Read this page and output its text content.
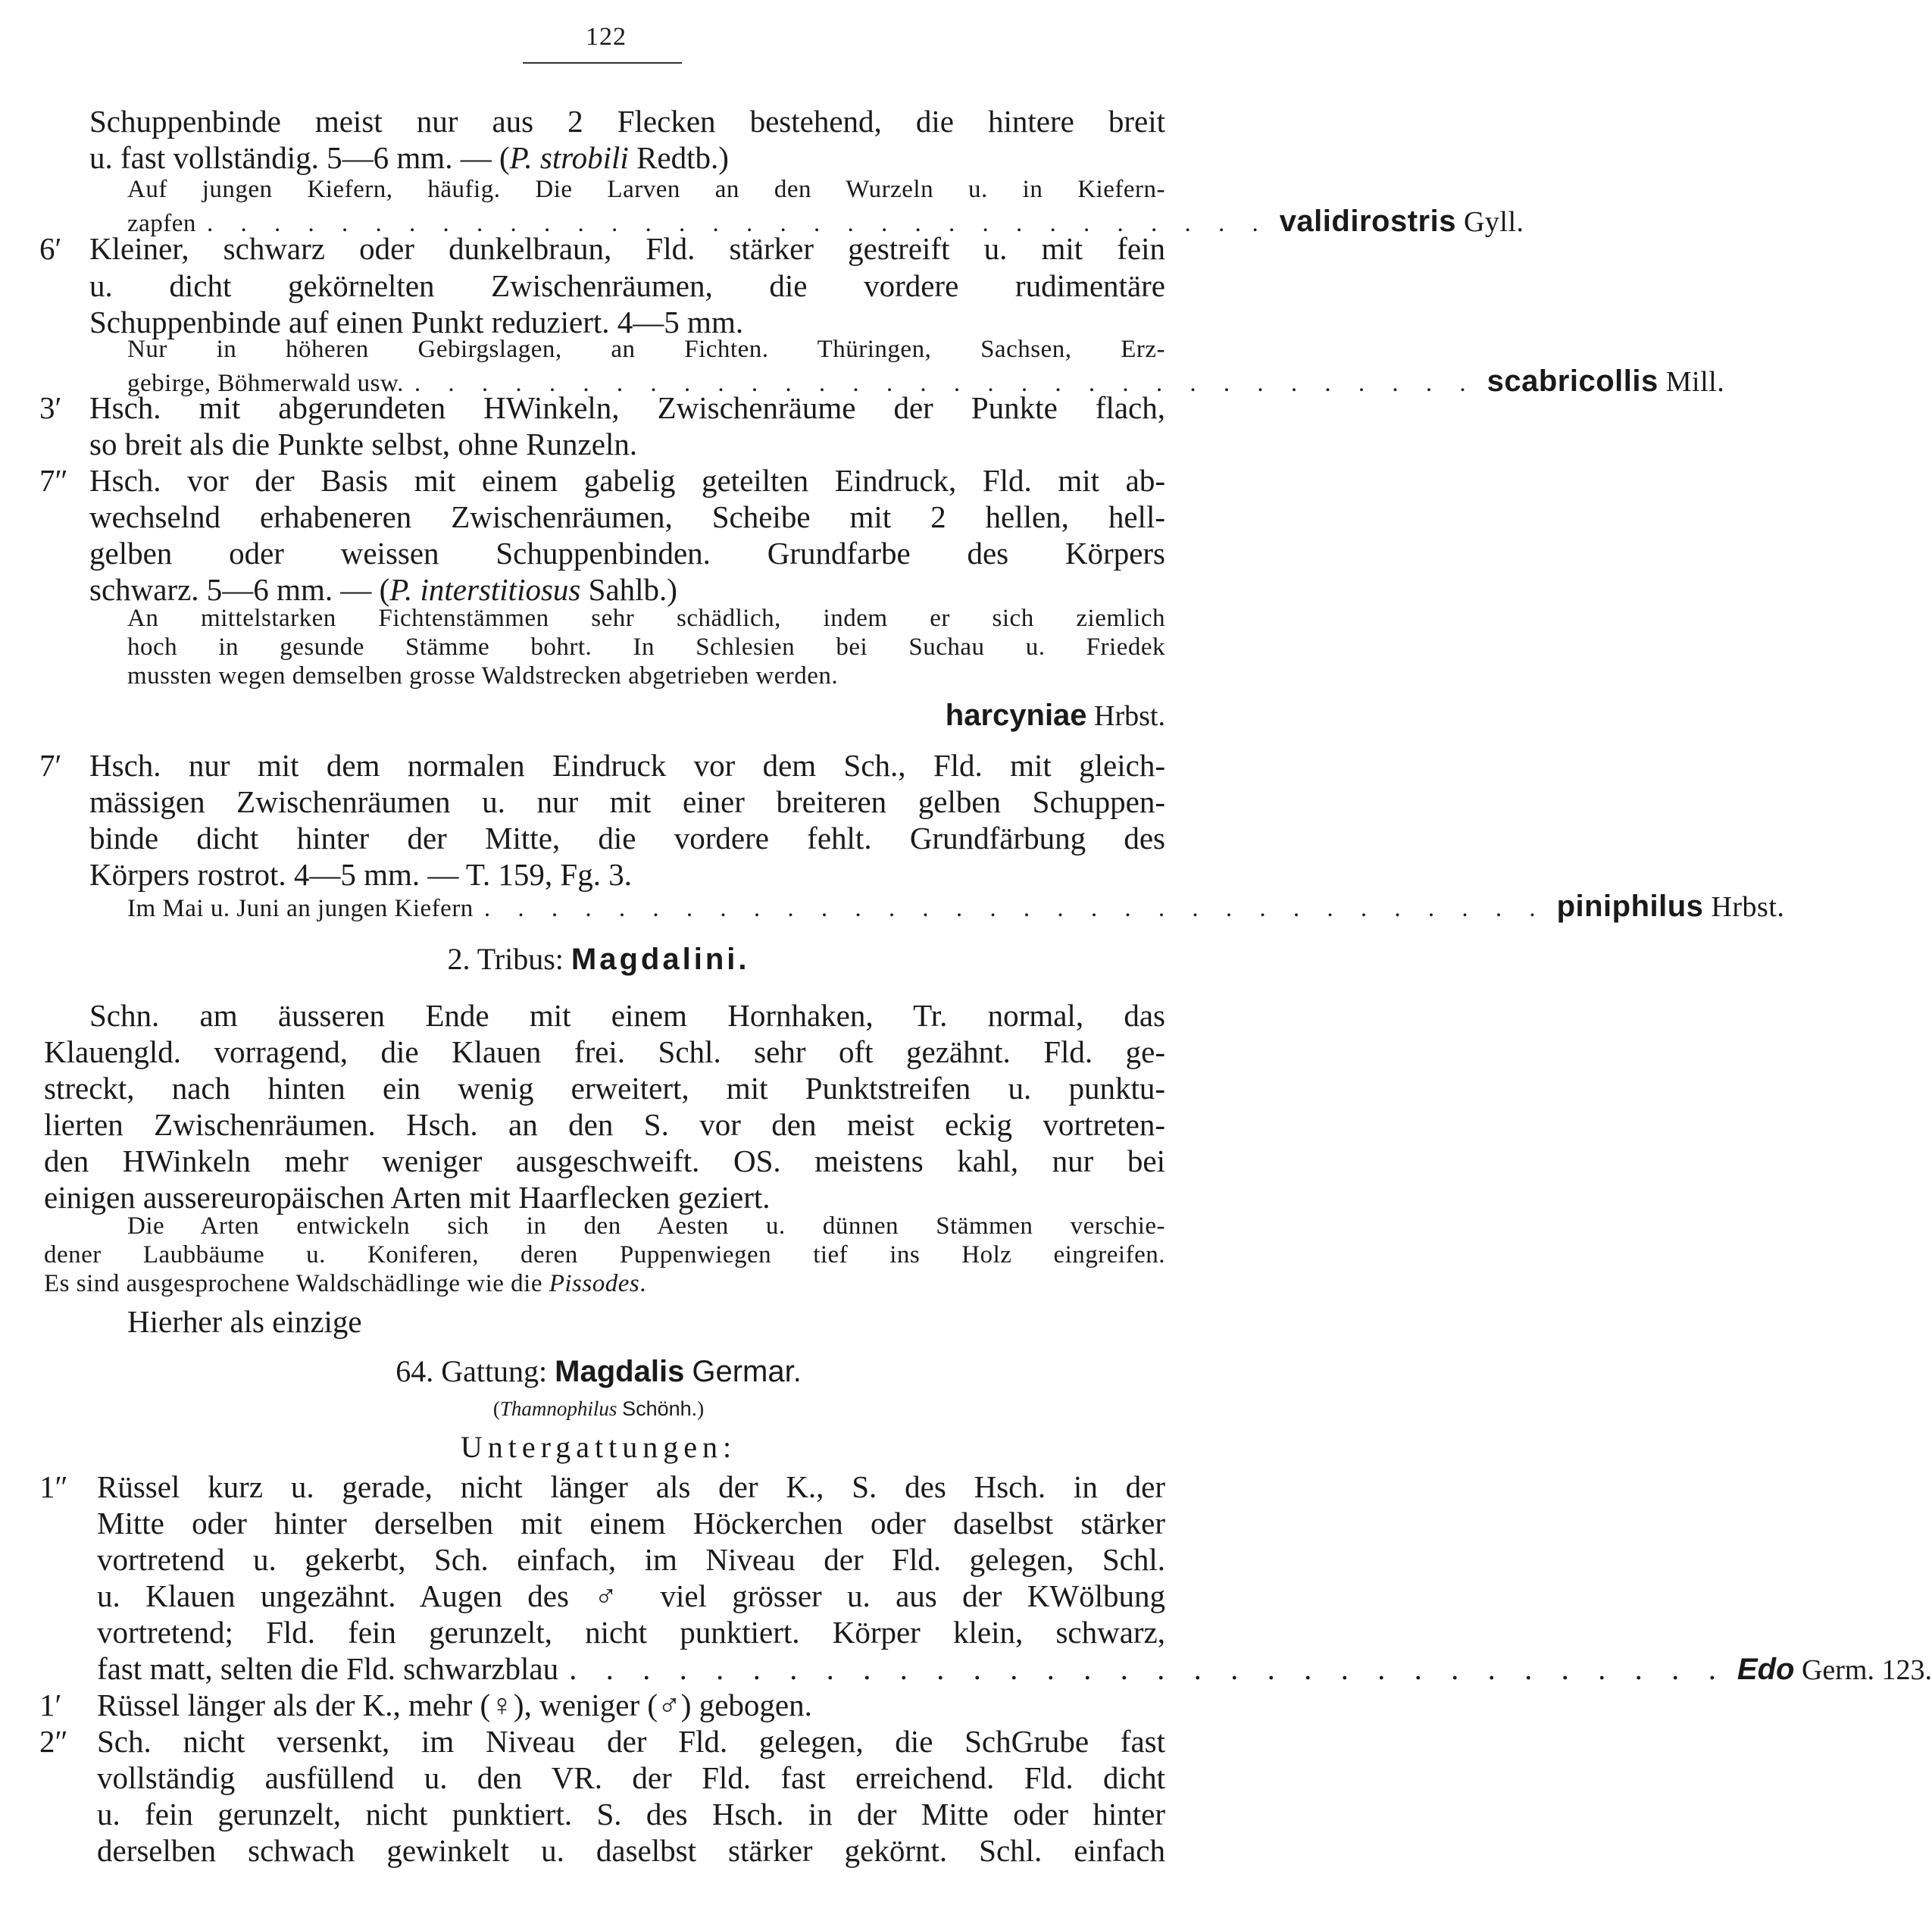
122
Schuppenbinde meist nur aus 2 Flecken bestehend, die hintere breit
u. fast vollständig. 5—6 mm. — (P. strobili Redtb.)
Auf jungen Kiefern, häufig. Die Larven an den Wurzeln u. in Kiefern-
6′ Kleiner, schwarz oder dunkelbraun, Fld. stärker gestreift u. mit fein
u. dicht gekörnelten Zwischenräumen, die vordere rudimentäre
Schuppenbinde auf einen Punkt reduziert. 4—5 mm.
Nur in höheren Gebirgslagen, an Fichten. Thüringen, Sachsen, Erz-
3′ Hsch. mit abgerundeten HWinkeln, Zwischenräume der Punkte flach,
so breit als die Punkte selbst, ohne Runzeln.
7″ Hsch. vor der Basis mit einem gabelig geteilten Eindruck, Fld. mit ab-
wechselnd erhabeneren Zwischenräumen, Scheibe mit 2 hellen, hell-
gelben oder weissen Schuppenbinden. Grundfarbe des Körpers
schwarz. 5—6 mm. — (P. interstitiosus Sahlb.)
An mittelstarken Fichtenstämmen sehr schädlich, indem er sich ziemlich
hoch in gesunde Stämme bohrt. In Schlesien bei Suchau u. Friedek
mussten wegen demselben grosse Waldstrecken abgetrieben werden.
7′ Hsch. nur mit dem normalen Eindruck vor dem Sch., Fld. mit gleich-
mässigen Zwischenräumen u. nur mit einer breiteren gelben Schuppen-
binde dicht hinter der Mitte, die vordere fehlt. Grundfärbung des
Körpers rostrot. 4—5 mm. — T. 159, Fg. 3.
Schn. am äusseren Ende mit einem Hornhaken, Tr. normal, das
Klauengld. vorragend, die Klauen frei. Schl. sehr oft gezähnt. Fld. ge-
streckt, nach hinten ein wenig erweitert, mit Punktstreifen u. punktu-
lierten Zwischenräumen. Hsch. an den S. vor den meist eckig vortreten-
den HWinkeln mehr weniger ausgeschweift. OS. meistens kahl, nur bei
einigen aussereuropäischen Arten mit Haarflecken geziert.
Die Arten entwickeln sich in den Aesten u. dünnen Stämmen verschie-
dener Laubbäume u. Koniferen, deren Puppenwiegen tief ins Holz eingreifen.
Es sind ausgesprochene Waldschädlinge wie die Pissodes.
Hierher als einzige
1″ Rüssel kurz u. gerade, nicht länger als der K., S. des Hsch. in der
Mitte oder hinter derselben mit einem Höckerchen oder daselbst stärker
vortretend u. gekerbt, Sch. einfach, im Niveau der Fld. gelegen, Schl.
u. Klauen ungezähnt. Augen des ♂ viel grösser u. aus der KWölbung
vortretend; Fld. fein gerunzelt, nicht punktiert. Körper klein, schwarz,
1′ Rüssel länger als der K., mehr (♀), weniger (♂) gebogen.
2″ Sch. nicht versenkt, im Niveau der Fld. gelegen, die SchGrube fast
vollständig ausfüllend u. den VR. der Fld. fast erreichend. Fld. dicht
u. fein gerunzelt, nicht punktiert. S. des Hsch. in der Mitte oder hinter
derselben schwach gewinkelt u. daselbst stärker gekörnt. Schl. einfach
zapfen . . . . . . . . . . . . . . . . . . . . . . . . . . . . . . . . validirostris Gyll.
gebirge, Böhmerwald usw. . . . . . . . . . . . . . . . . . . . . . . . . . . . . . . . . scabricollis Mill.
Im Mai u. Juni an jungen Kiefern . . . . . . . . . . . . . . . . . . . . . . . . . . . . . . . . piniphilus Hrbst.
fast matt, selten die Fld. schwarzblau . . . . . . . . . . . . . . . . . . . . . . . . . . . . . . . . Edo Germ. 123.
harcyniae Hrbst.
2. Tribus: Magdalini.
64. Gattung: Magdalis Germar.
(Thamnophilus Schönh.)
Untergattungen:
